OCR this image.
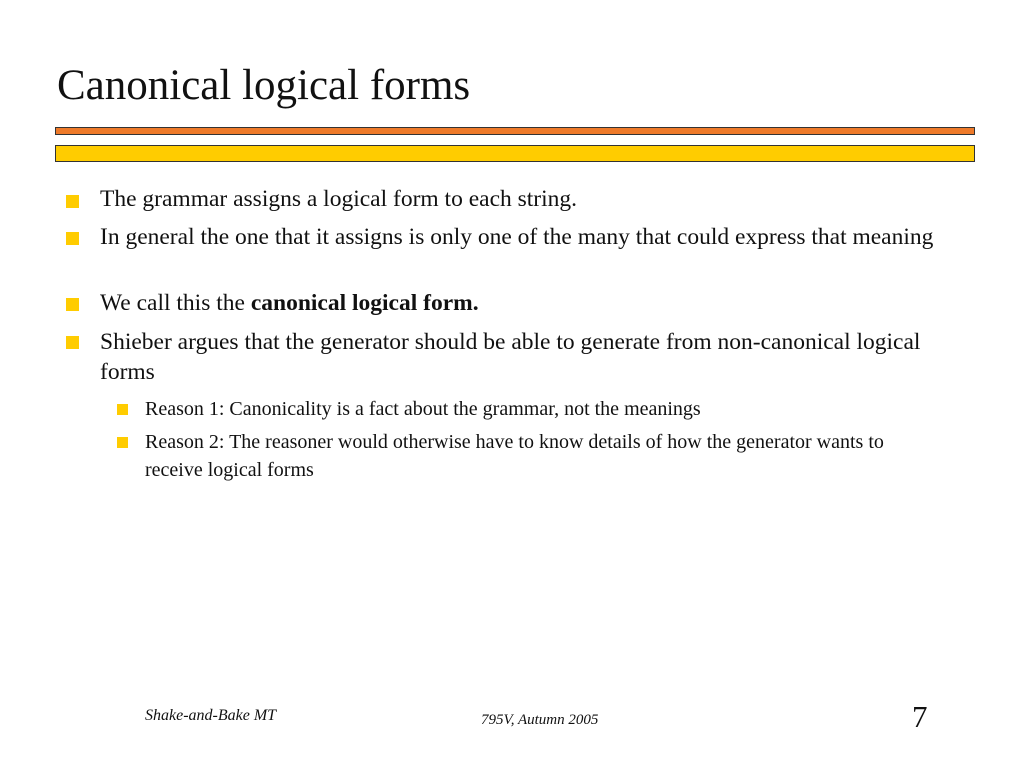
Canonical logical forms
The grammar assigns a logical form to each string.
In general the one that it assigns is only one of the many that could express that meaning
We call this the canonical logical form.
Shieber argues that the generator should be able to generate from non-canonical logical forms
Reason 1: Canonicality is a fact about the grammar, not the meanings
Reason 2: The reasoner would otherwise have to know details of how the generator wants to receive logical forms
Shake-and-Bake MT	795V, Autumn 2005	7
